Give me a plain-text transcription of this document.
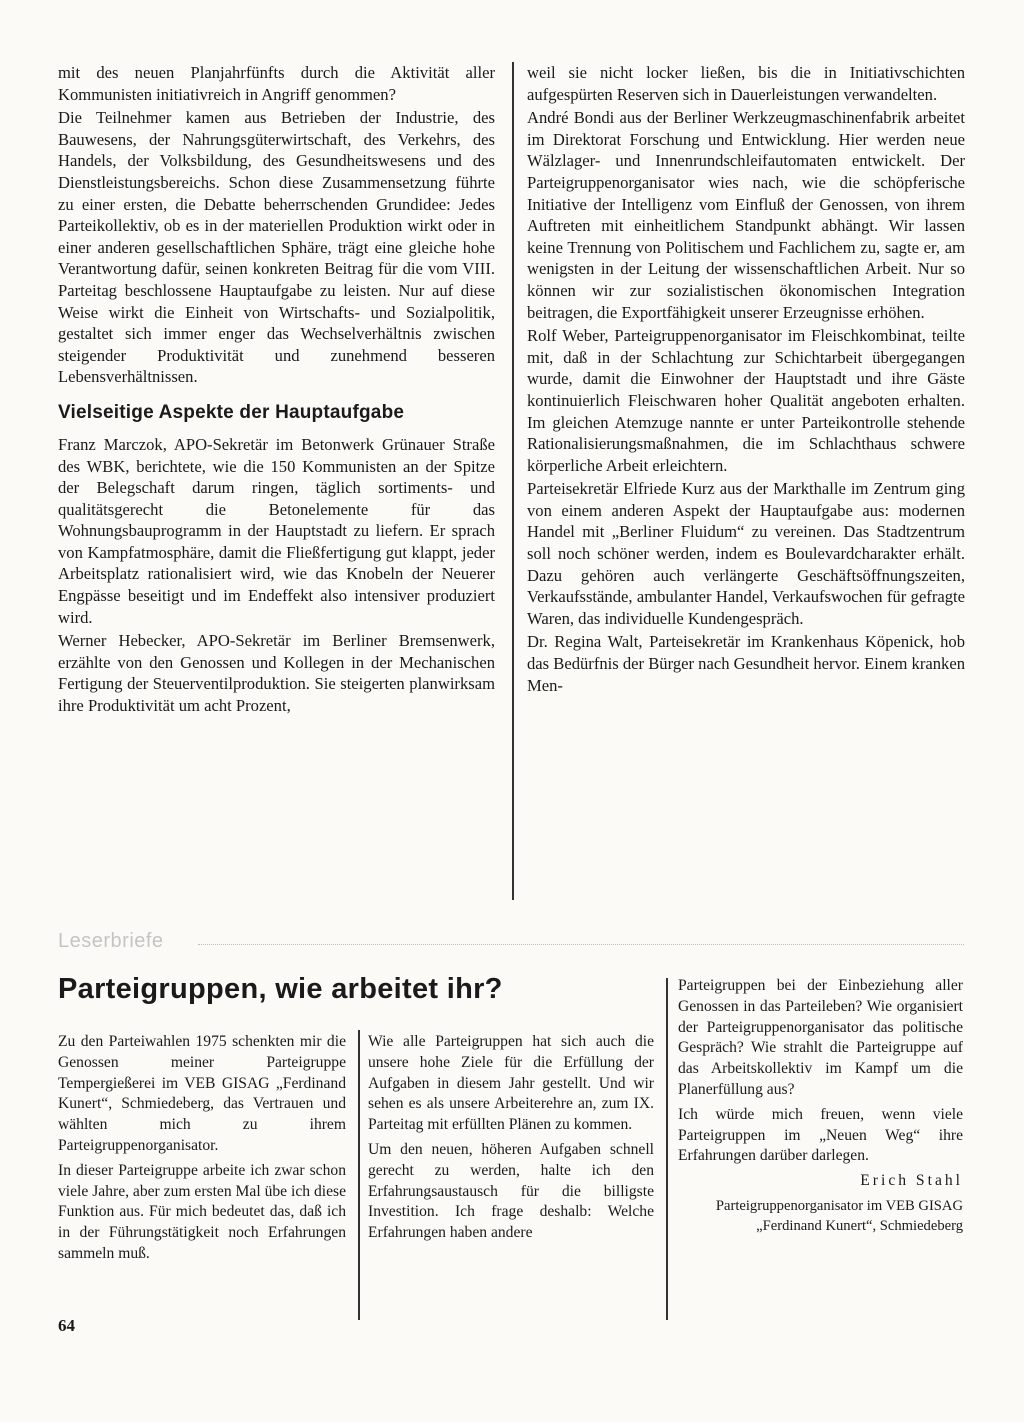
mit des neuen Planjahrfünfts durch die Aktivität aller Kommunisten initiativreich in Angriff genommen?

Die Teilnehmer kamen aus Betrieben der Industrie, des Bauwesens, der Nahrungsgüterwirtschaft, des Verkehrs, des Handels, der Volksbildung, des Gesundheitswesens und des Dienstleistungsbereichs. Schon diese Zusammensetzung führte zu einer ersten, die Debatte beherrschenden Grundidee: Jedes Parteikollektiv, ob es in der materiellen Produktion wirkt oder in einer anderen gesellschaftlichen Sphäre, trägt eine gleiche hohe Verantwortung dafür, seinen konkreten Beitrag für die vom VIII. Parteitag beschlossene Hauptaufgabe zu leisten. Nur auf diese Weise wirkt die Einheit von Wirtschafts- und Sozialpolitik, gestaltet sich immer enger das Wechselverhältnis zwischen steigender Produktivität und zunehmend besseren Lebensverhältnissen.

Vielseitige Aspekte der Hauptaufgabe

Franz Marczok, APO-Sekretär im Betonwerk Grünauer Straße des WBK, berichtete, wie die 150 Kommunisten an der Spitze der Belegschaft darum ringen, täglich sortiments- und qualitätsgerecht die Betonelemente für das Wohnungsbauprogramm in der Hauptstadt zu liefern. Er sprach von Kampfatmosphäre, damit die Fließfertigung gut klappt, jeder Arbeitsplatz rationalisiert wird, wie das Knobeln der Neuerer Engpässe beseitigt und im Endeffekt also intensiver produziert wird.

Werner Hebecker, APO-Sekretär im Berliner Bremsenwerk, erzählte von den Genossen und Kollegen in der Mechanischen Fertigung der Steuerventilproduktion. Sie steigerten planwirksam ihre Produktivität um acht Prozent,

weil sie nicht locker ließen, bis die in Initiativschichten aufgespürten Reserven sich in Dauerleistungen verwandelten.

André Bondi aus der Berliner Werkzeugmaschinenfabrik arbeitet im Direktorat Forschung und Entwicklung. Hier werden neue Wälzlager- und Innenrundschleifautomaten entwickelt. Der Parteigruppenorganisator wies nach, wie die schöpferische Initiative der Intelligenz vom Einfluß der Genossen, von ihrem Auftreten mit einheitlichem Standpunkt abhängt. Wir lassen keine Trennung von Politischem und Fachlichem zu, sagte er, am wenigsten in der Leitung der wissenschaftlichen Arbeit. Nur so können wir zur sozialistischen ökonomischen Integration beitragen, die Exportfähigkeit unserer Erzeugnisse erhöhen.

Rolf Weber, Parteigruppenorganisator im Fleischkombinat, teilte mit, daß in der Schlachtung zur Schichtarbeit übergegangen wurde, damit die Einwohner der Hauptstadt und ihre Gäste kontinuierlich Fleischwaren hoher Qualität angeboten erhalten. Im gleichen Atemzuge nannte er unter Parteikontrolle stehende Rationalisierungsmaßnahmen, die im Schlachthaus schwere körperliche Arbeit erleichtern.

Parteisekretär Elfriede Kurz aus der Markthalle im Zentrum ging von einem anderen Aspekt der Hauptaufgabe aus: modernen Handel mit „Berliner Fluidum“ zu vereinen. Das Stadtzentrum soll noch schöner werden, indem es Boulevardcharakter erhält. Dazu gehören auch verlängerte Geschäftsöffnungszeiten, Verkaufsstände, ambulanter Handel, Verkaufswochen für gefragte Waren, das individuelle Kundengespräch.

Dr. Regina Walt, Parteisekretär im Krankenhaus Köpenick, hob das Bedürfnis der Bürger nach Gesundheit hervor. Einem kranken Men-

Leserbriefe
Parteigruppen, wie arbeitet ihr?

Zu den Parteiwahlen 1975 schenkten mir die Genossen meiner Parteigruppe Tempergießerei im VEB GISAG „Ferdinand Kunert“, Schmiedeberg, das Vertrauen und wählten mich zu ihrem Parteigruppenorganisator.

In dieser Parteigruppe arbeite ich zwar schon viele Jahre, aber zum ersten Mal übe ich diese Funktion aus. Für mich bedeutet das, daß ich in der Führungstätigkeit noch Erfahrungen sammeln muß.

Wie alle Parteigruppen hat sich auch die unsere hohe Ziele für die Erfüllung der Aufgaben in diesem Jahr gestellt. Und wir sehen es als unsere Arbeiterehre an, zum IX. Parteitag mit erfüllten Plänen zu kommen.

Um den neuen, höheren Aufgaben schnell gerecht zu werden, halte ich den Erfahrungsaustausch für die billigste Investition. Ich frage deshalb: Welche Erfahrungen haben andere

Parteigruppen bei der Einbeziehung aller Genossen in das Parteileben? Wie organisiert der Parteigruppenorganisator das politische Gespräch? Wie strahlt die Parteigruppe auf das Arbeitskollektiv im Kampf um die Planerfüllung aus?

Ich würde mich freuen, wenn viele Parteigruppen im „Neuen Weg“ ihre Erfahrungen darüber darlegen.

Erich Stahl

Parteigruppenorganisator im VEB GISAG „Ferdinand Kunert“, Schmiedeberg

64
